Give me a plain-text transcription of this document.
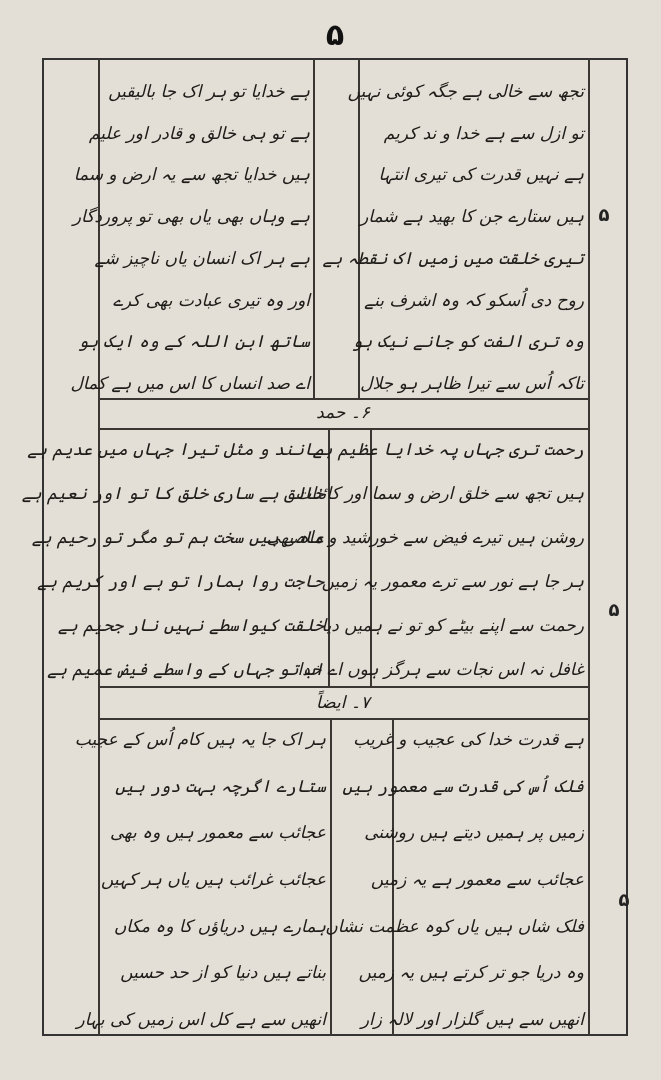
۵
۵
تجھ سے خالی ہے جگہ کوئی نہیں
تو ازل سے ہے خدا و ند کریم
ہے نہیں قدرت کی تیری انتہا
ہیں ستارے جن کا بھید ہے شمار
تیری خلقت میں زمیں اک نقطہ ہے
روح دی اُسکو کہ وہ اشرف بنے
وہ تری الفت کو جانے نیک ہو
تاکہ اُس سے تیرا ظاہر ہو جلال
ہے خدایا تو ہر اک جا بالیقیں
ہے تو ہی خالق و قادر اور علیم
ہیں خدایا تجھ سے یہ ارض و سما
ہے وہاں بھی یاں بھی تو پروردگار
ہے ہر اک انسان یاں ناچیز شے
اور وہ تیری عبادت بھی کرے
ساتھ ابن اللہ کے وہ ایک ہو
اے صد انساں کا اس میں ہے کمال
۶۔ حمد
۵
رحمت تری جہاں پہ خدایا عظیم ہے
ہیں تجھ سے خلق ارض و سما اور کائنات
روشن ہیں تیرے فیض سے خورشید و ماہ بھی
ہر جا ہے نور سے ترے معمور یہ زمیں
رحمت سے اپنے بیٹے کو تو نے ہمیں دیا
غافل نہ اس نجات سے ہرگز ہوں اے خدا
مانند و مثل تیرا جہاں میں عدیم ہے
خالق ہے ساری خلق کا تو اور نعیم ہے
عاصی ہیں سخت ہم تو مگر تو رحیم ہے
حاجت روا ہمارا تو ہے اور کریم ہے
خلقت کیواسطے نہیں نار جحیم ہے
اب تو جہاں کے واسطے فیض عمیم ہے
۷۔ ایضاً
۵
ہے قدرت خدا کی عجیب و غریب
فلک اُس کی قدرت سے معمور ہیں
زمیں پر ہمیں دیتے ہیں روشنی
عجائب سے معمور ہے یہ زمیں
فلک شاں ہیں یاں کوہ عظمت نشاں
وہ دریا جو تر کرتے ہیں یہ زمیں
انھیں سے ہیں گلزار اور لالہ زار
ہر اک جا یہ ہیں کام اُس کے عجیب
ستارے اگرچہ بہت دور ہیں
عجائب سے معمور ہیں وہ بھی
عجائب غرائب ہیں یاں ہر کہیں
ہمارے ہیں دریاؤں کا وہ مکاں
بناتے ہیں دنیا کو از حد حسیں
انھیں سے ہے کل اس زمیں کی بہار
